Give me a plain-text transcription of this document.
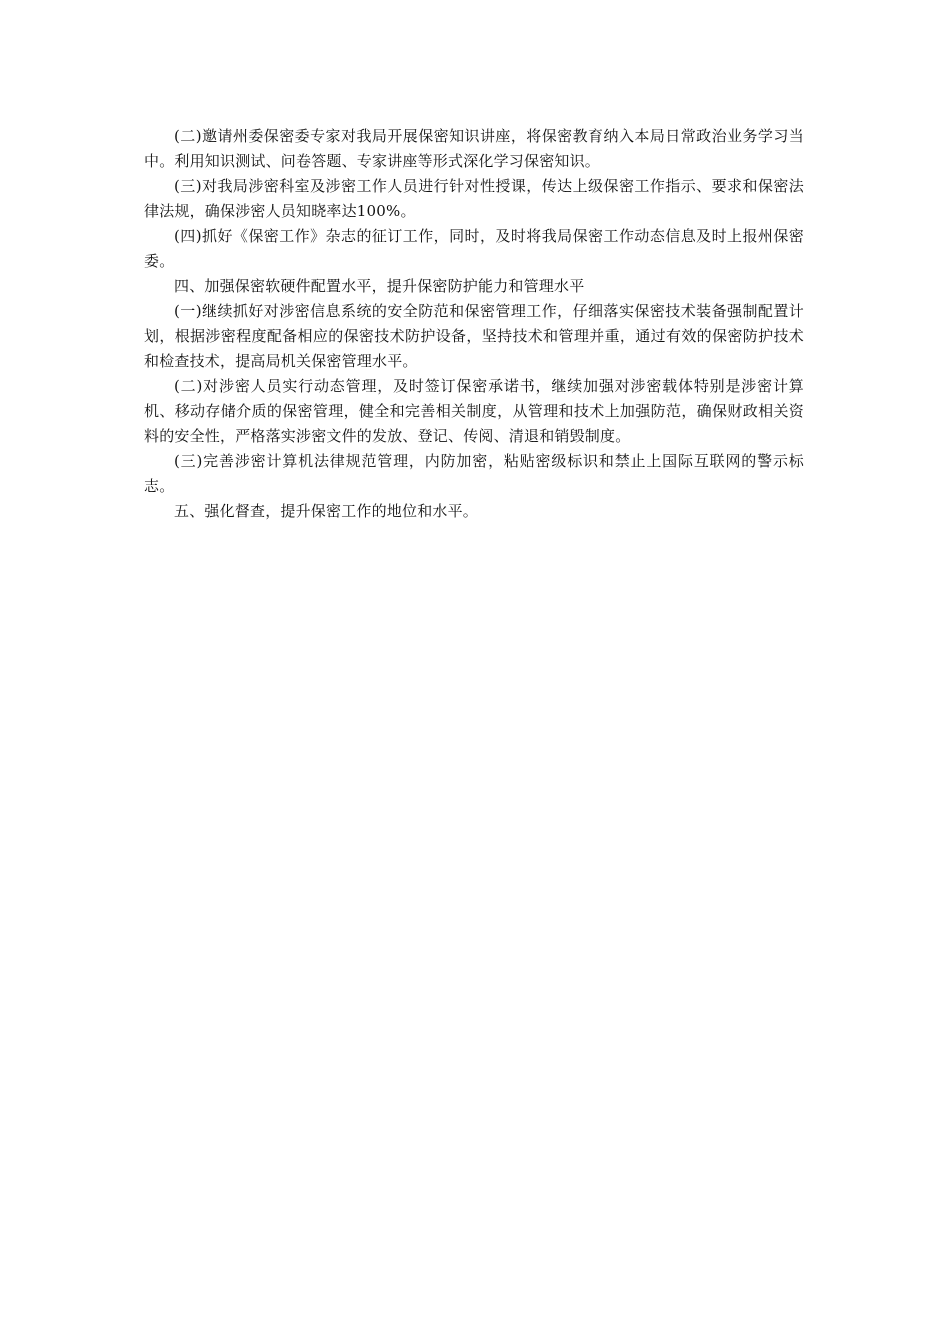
(二)邀请州委保密委专家对我局开展保密知识讲座，将保密教育纳入本局日常政治业务学习当中。利用知识测试、问卷答题、专家讲座等形式深化学习保密知识。

(三)对我局涉密科室及涉密工作人员进行针对性授课，传达上级保密工作指示、要求和保密法律法规，确保涉密人员知晓率达100%。

(四)抓好《保密工作》杂志的征订工作，同时，及时将我局保密工作动态信息及时上报州保密委。

四、加强保密软硬件配置水平，提升保密防护能力和管理水平

(一)继续抓好对涉密信息系统的安全防范和保密管理工作，仔细落实保密技术装备强制配置计划，根据涉密程度配备相应的保密技术防护设备，坚持技术和管理并重，通过有效的保密防护技术和检查技术，提高局机关保密管理水平。

(二)对涉密人员实行动态管理，及时签订保密承诺书，继续加强对涉密载体特别是涉密计算机、移动存储介质的保密管理，健全和完善相关制度，从管理和技术上加强防范，确保财政相关资料的安全性，严格落实涉密文件的发放、登记、传阅、清退和销毁制度。

(三)完善涉密计算机法律规范管理，内防加密，粘贴密级标识和禁止上国际互联网的警示标志。

五、强化督查，提升保密工作的地位和水平。
